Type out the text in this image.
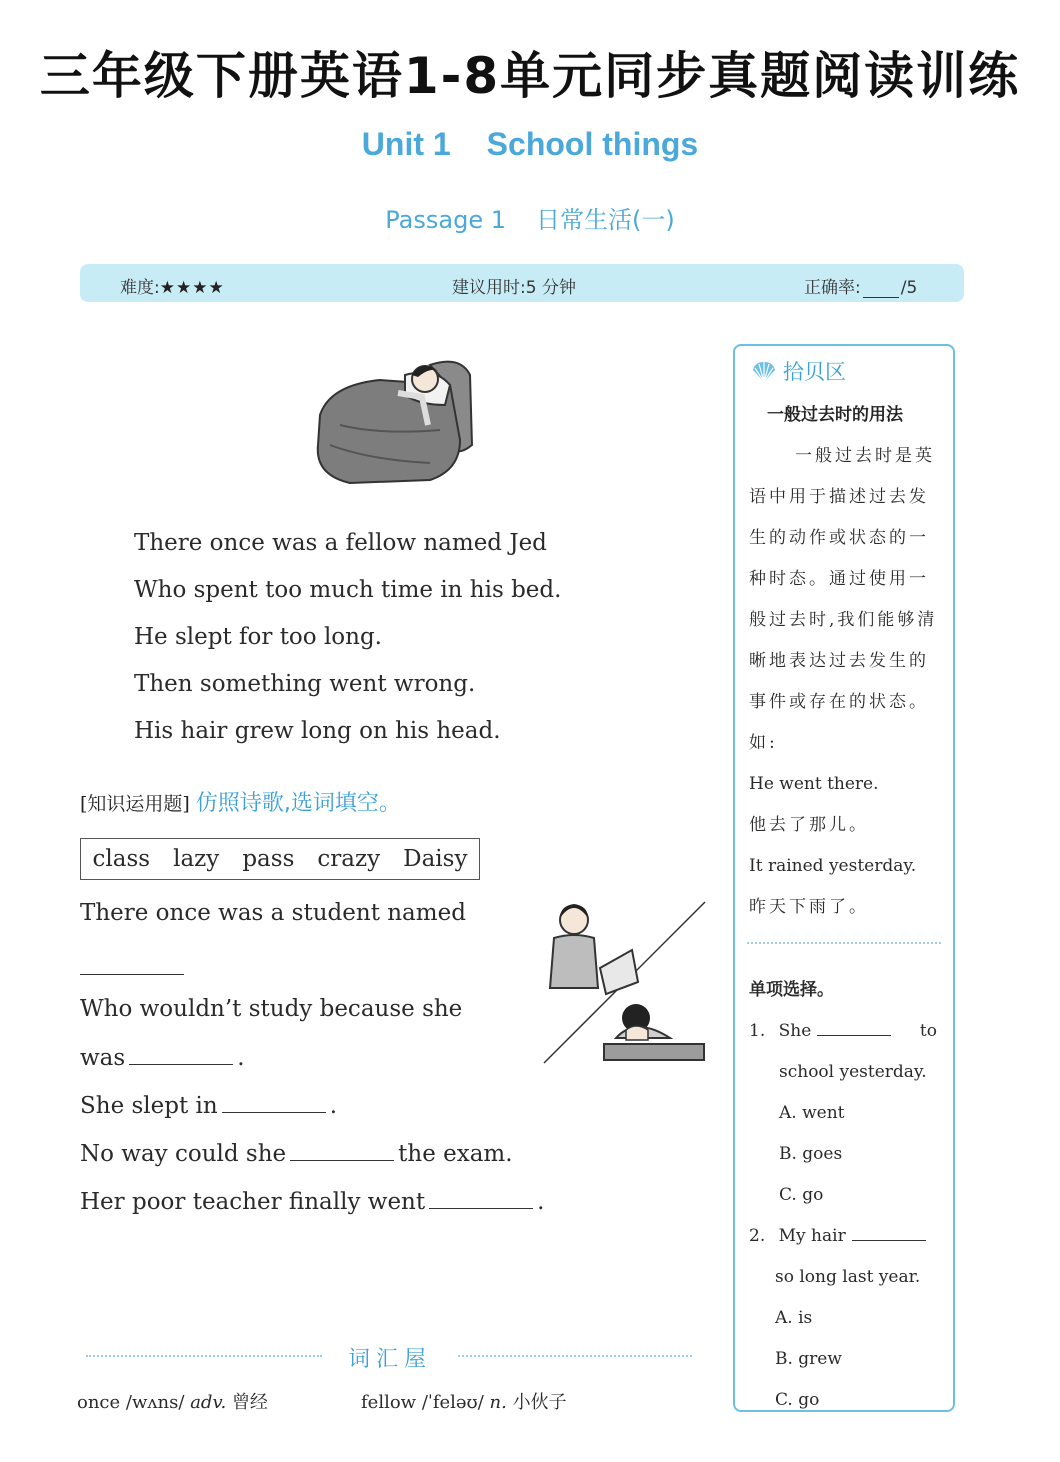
三年级下册英语1-8单元同步真题阅读训练
Unit 1 School things
Passage 1 日常生活(一)
难度:★★★★	建议用时:5 分钟	正确率: /5
There once was a fellow named Jed
Who spent too much time in his bed.
He slept for too long.
Then something went wrong.
His hair grew long on his head.
[知识运用题] 仿照诗歌,选词填空。
class lazy pass crazy Daisy
There once was a student named
Who wouldn’t study because she
was	.
She slept in	.
No way could she	the exam.
Her poor teacher finally went	.
词汇屋
once /wʌns/ adv. 曾经	fellow /ˈfeləʊ/ n. 小伙子
拾贝区
一般过去时的用法
一般过去时是英
语中用于描述过去发
生的动作或状态的一
种时态。通过使用一
般过去时,我们能够清
晰地表达过去发生的
事件或存在的状态。
如:
He went there.
他去了那儿。
It rained yesterday.
昨天下雨了。
单项选择。
1. She	to
school yesterday.
A. went
B. goes
C. go
2. My hair
so long last year.
A. is
B. grew
C. go
